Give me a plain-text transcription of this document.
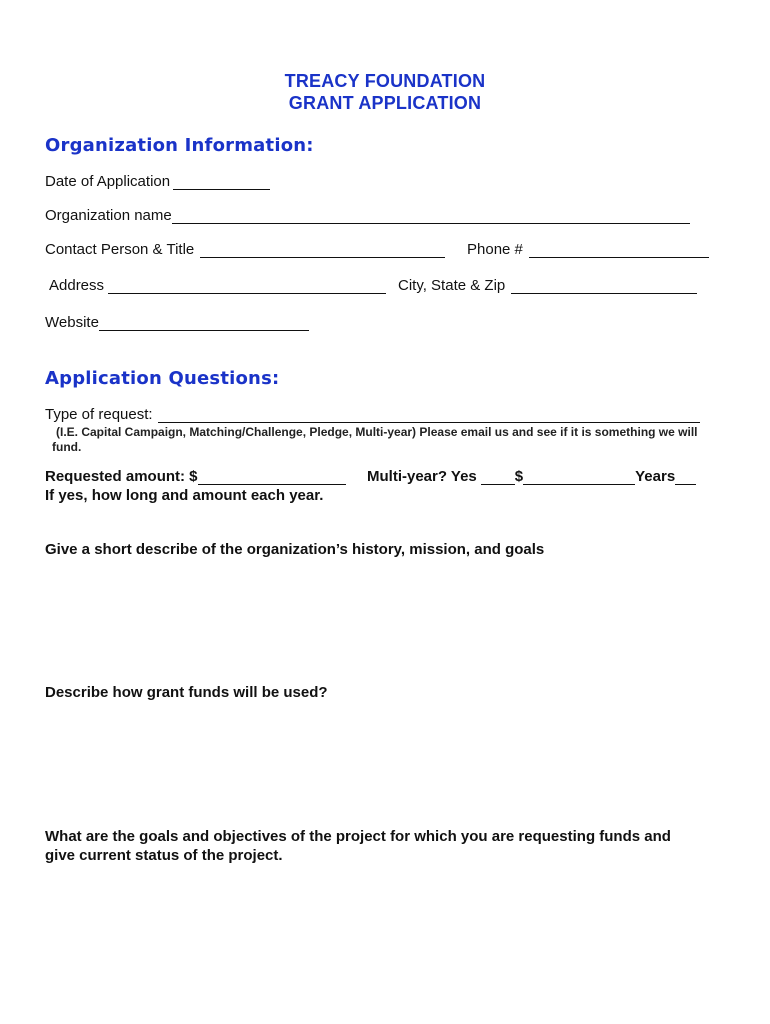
TREACY FOUNDATION
GRANT APPLICATION
Organization Information:
Date of Application
Organization name
Contact Person & Title	Phone #
Address	City, State & Zip
Website
Application Questions:
Type of request:
(I.E. Capital Campaign, Matching/Challenge, Pledge, Multi-year) Please email us and see if it is something we will fund.
Requested amount: $	Multi-year? Yes	$	Years
If yes, how long and amount each year.
Give a short describe of the organization’s history, mission, and goals
Describe how grant funds will be used?
What are the goals and objectives of the project for which you are requesting funds and give current status of the project.
